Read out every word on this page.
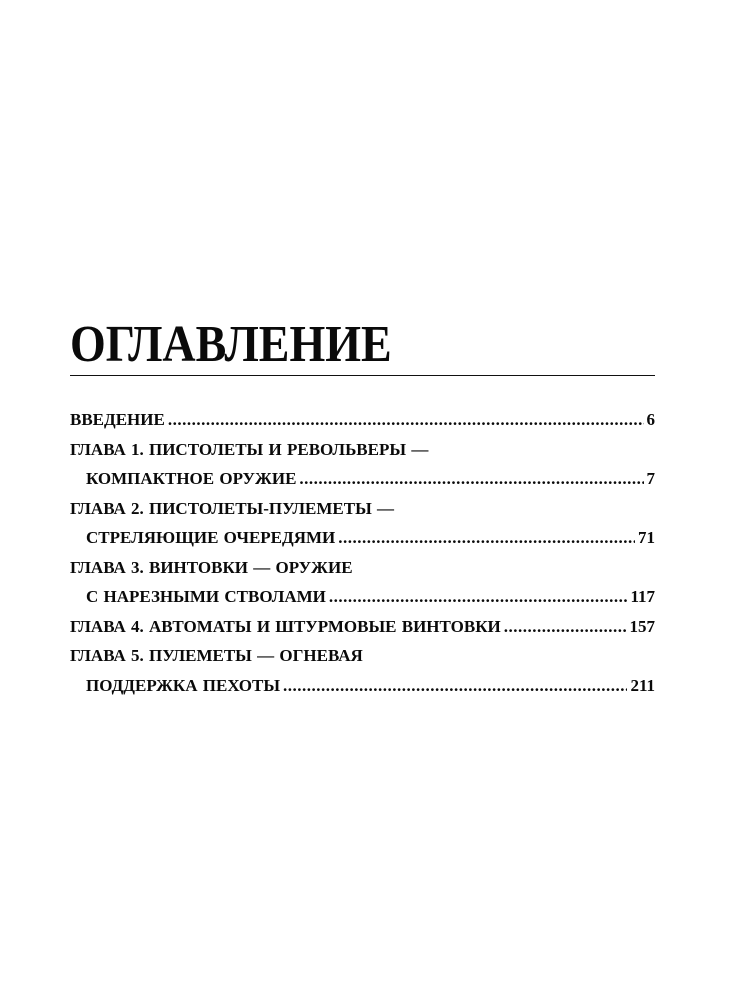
ОГЛАВЛЕНИЕ
ВВЕДЕНИЕ .....	6
ГЛАВА 1. ПИСТОЛЕТЫ И РЕВОЛЬВЕРЫ —
КОМПАКТНОЕ ОРУЖИЕ .....	7
ГЛАВА 2. ПИСТОЛЕТЫ-ПУЛЕМЕТЫ —
СТРЕЛЯЮЩИЕ ОЧЕРЕДЯМИ .....	71
ГЛАВА 3. ВИНТОВКИ — ОРУЖИЕ
С НАРЕЗНЫМИ СТВОЛАМИ .....	117
ГЛАВА 4. АВТОМАТЫ И ШТУРМОВЫЕ ВИНТОВКИ .....	157
ГЛАВА 5. ПУЛЕМЕТЫ — ОГНЕВАЯ
ПОДДЕРЖКА ПЕХОТЫ .....	211
